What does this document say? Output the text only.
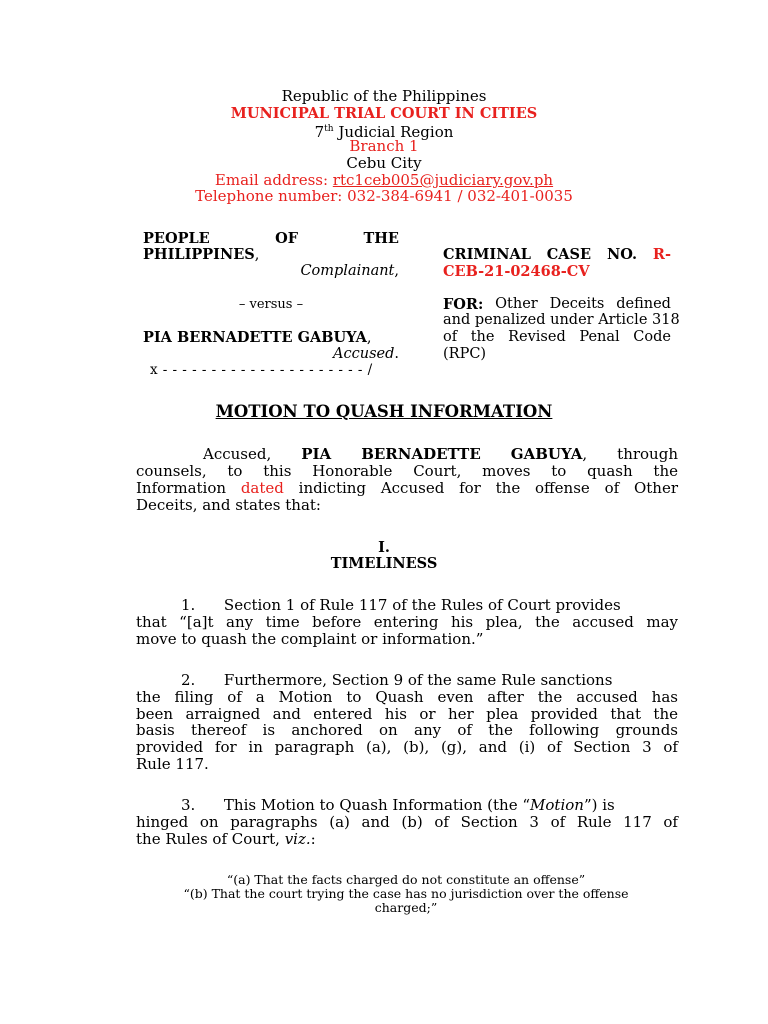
Republic of the Philippines
MUNICIPAL TRIAL COURT IN CITIES
7th Judicial Region
Branch 1
Cebu City
Email address: rtc1ceb005@judiciary.gov.ph
Telephone number: 032-384-6941 / 032-401-0035
PEOPLE	OF	THE
PHILIPPINES,
Complainant,
– versus –
PIA BERNADETTE GABUYA,
Accused.
x - - - - - - - - - - - - - - - - - - - - - /
CRIMINAL CASE NO. R-
CEB-21-02468-CV
FOR: Other Deceits defined
and penalized under Article 318
of the Revised Penal Code
(RPC)
MOTION TO QUASH INFORMATION
Accused, PIA BERNADETTE GABUYA, through
counsels, to this Honorable Court, moves to quash the
Information dated indicting Accused for the offense of Other
Deceits, and states that:
I.
TIMELINESS
1.      Section 1 of Rule 117 of the Rules of Court provides
that “[a]t any time before entering his plea, the accused may
move to quash the complaint or information.”
2.      Furthermore, Section 9 of the same Rule sanctions
the filing of a Motion to Quash even after the accused has
been arraigned and entered his or her plea provided that the
basis thereof is anchored on any of the following grounds
provided for in paragraph (a), (b), (g), and (i) of Section 3 of
Rule 117.
3.      This Motion to Quash Information (the “Motion”) is
hinged on paragraphs (a) and (b) of Section 3 of Rule 117 of
the Rules of Court, viz.:
“(a) That the facts charged do not constitute an offense”
“(b) That the court trying the case has no jurisdiction over the offense
charged;”
